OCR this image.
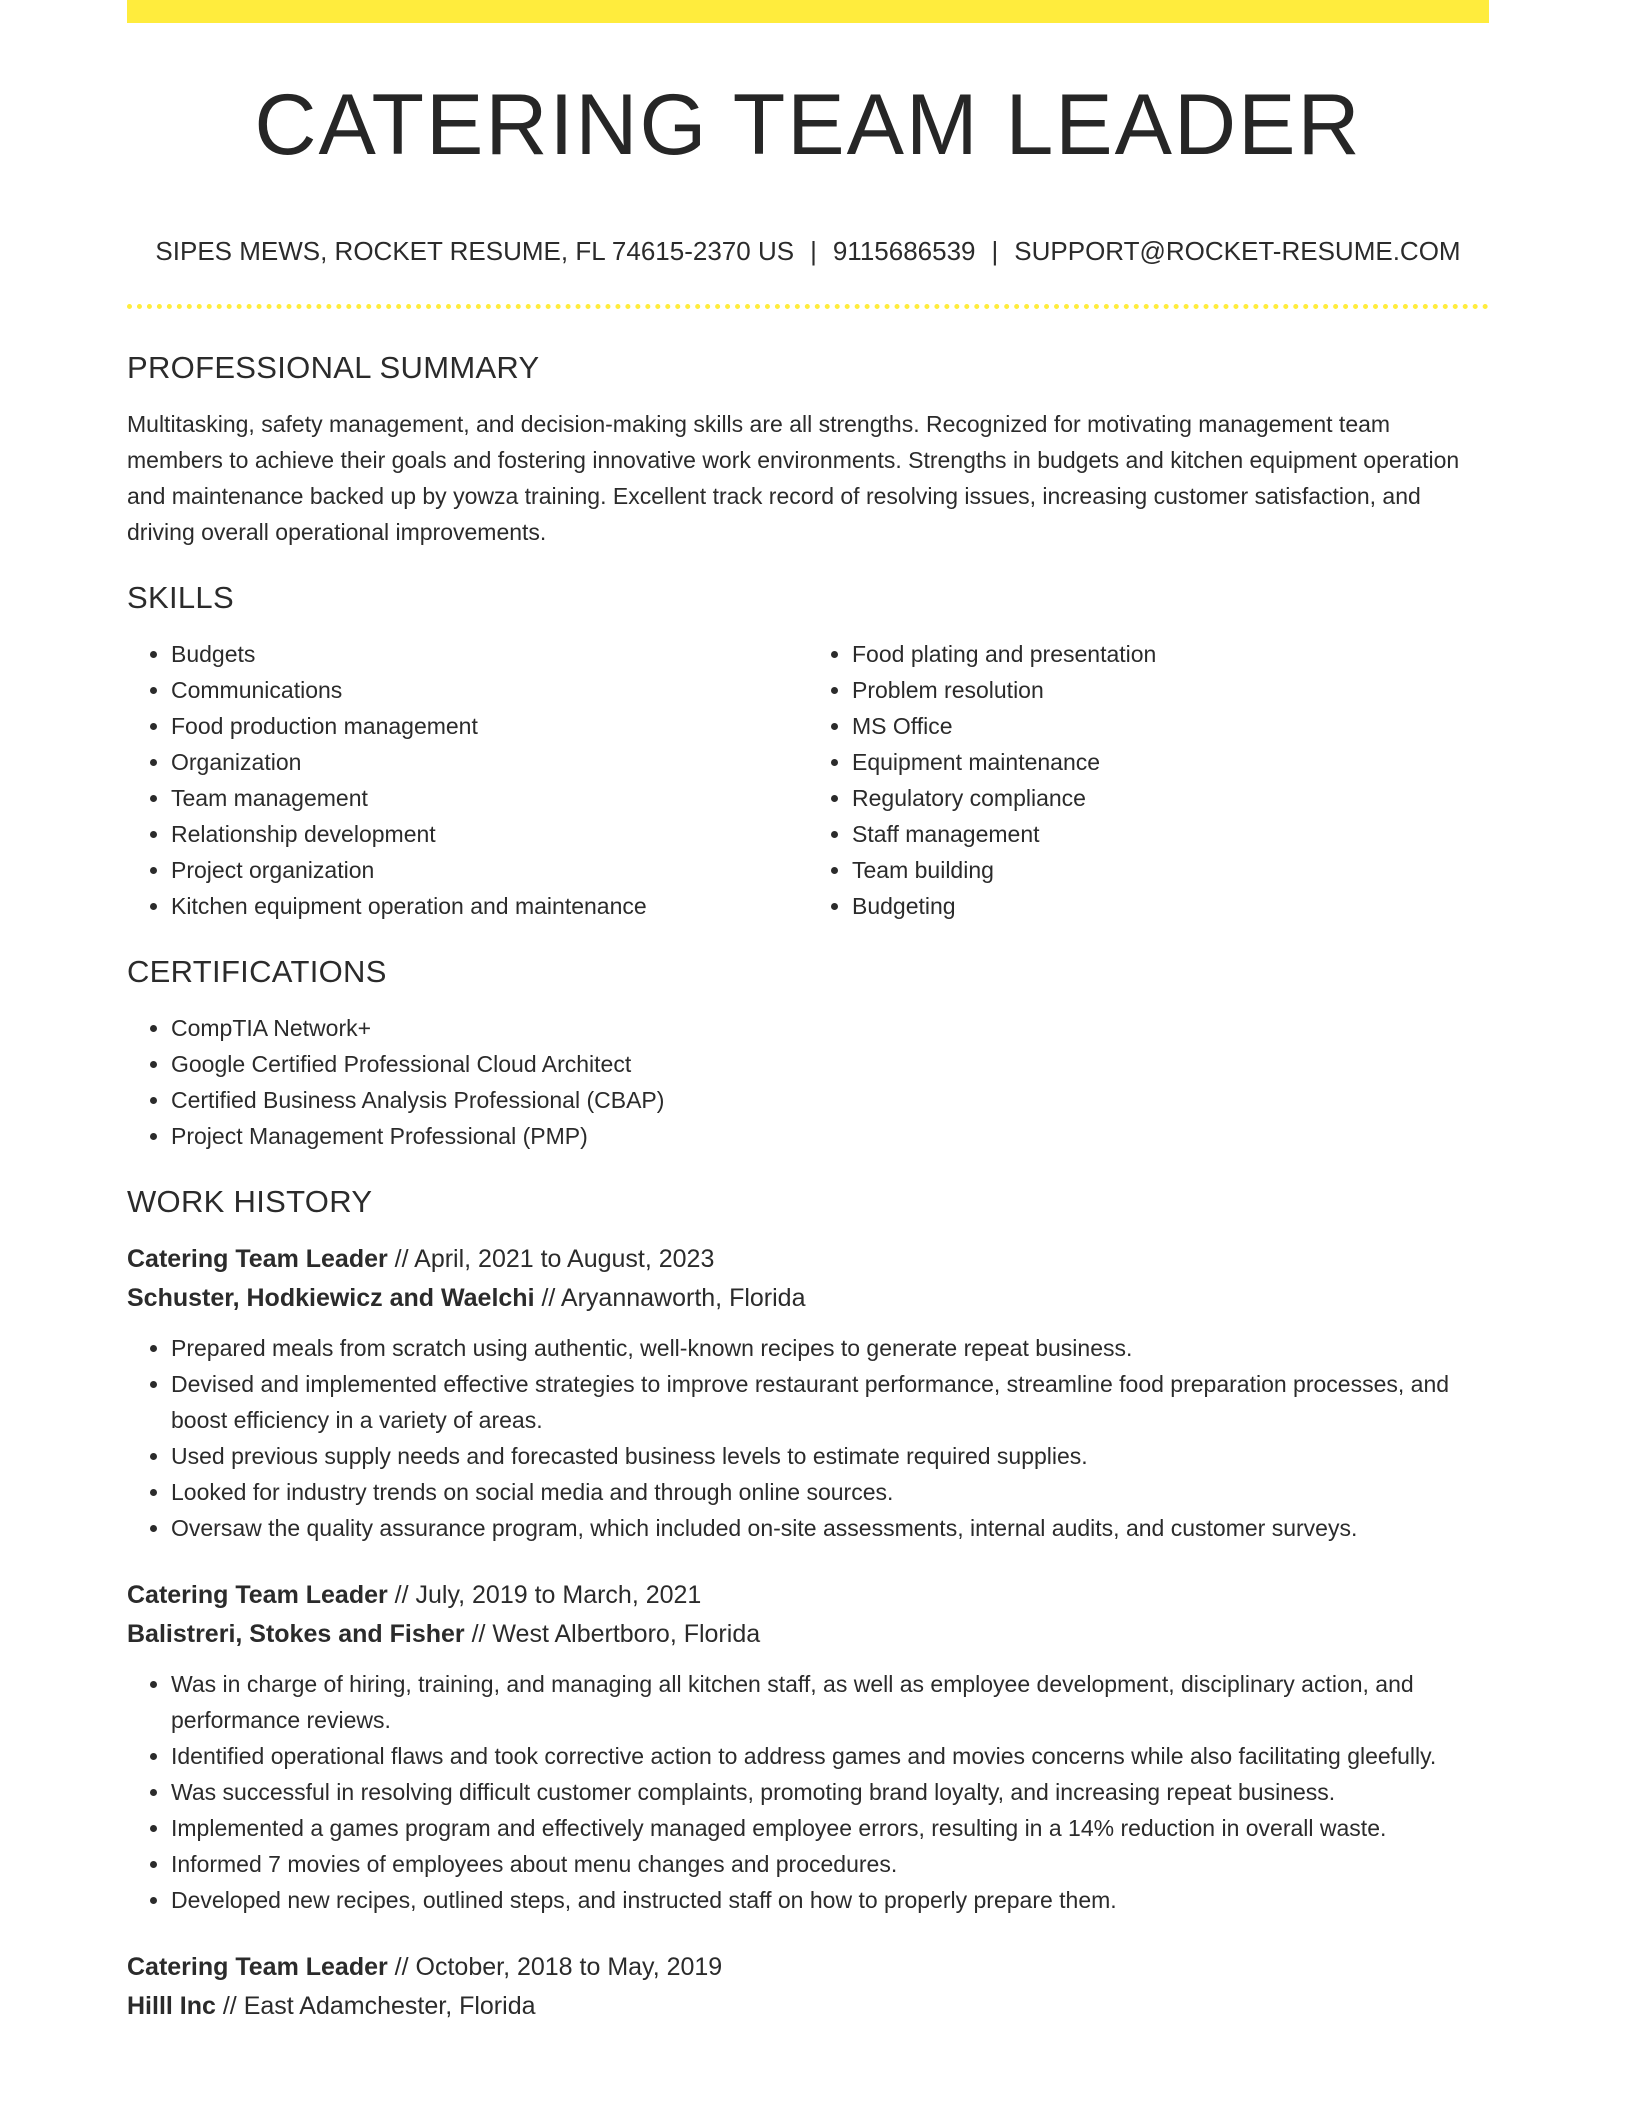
CATERING TEAM LEADER
SIPES MEWS, ROCKET RESUME, FL 74615-2370 US | 9115686539 | SUPPORT@ROCKET-RESUME.COM
PROFESSIONAL SUMMARY

Multitasking, safety management, and decision-making skills are all strengths. Recognized for motivating management team members to achieve their goals and fostering innovative work environments. Strengths in budgets and kitchen equipment operation and maintenance backed up by yowza training. Excellent track record of resolving issues, increasing customer satisfaction, and driving overall operational improvements.

SKILLS
• Budgets
• Communications
• Food production management
• Organization
• Team management
• Relationship development
• Project organization
• Kitchen equipment operation and maintenance
• Food plating and presentation
• Problem resolution
• MS Office
• Equipment maintenance
• Regulatory compliance
• Staff management
• Team building
• Budgeting
CERTIFICATIONS
• CompTIA Network+
• Google Certified Professional Cloud Architect
• Certified Business Analysis Professional (CBAP)
• Project Management Professional (PMP)
WORK HISTORY
Catering Team Leader // April, 2021 to August, 2023
Schuster, Hodkiewicz and Waelchi // Aryannaworth, Florida
• Prepared meals from scratch using authentic, well-known recipes to generate repeat business.
• Devised and implemented effective strategies to improve restaurant performance, streamline food preparation processes, and boost efficiency in a variety of areas.
• Used previous supply needs and forecasted business levels to estimate required supplies.
• Looked for industry trends on social media and through online sources.
• Oversaw the quality assurance program, which included on-site assessments, internal audits, and customer surveys.
Catering Team Leader // July, 2019 to March, 2021
Balistreri, Stokes and Fisher // West Albertboro, Florida
• Was in charge of hiring, training, and managing all kitchen staff, as well as employee development, disciplinary action, and performance reviews.
• Identified operational flaws and took corrective action to address games and movies concerns while also facilitating gleefully.
• Was successful in resolving difficult customer complaints, promoting brand loyalty, and increasing repeat business.
• Implemented a games program and effectively managed employee errors, resulting in a 14% reduction in overall waste.
• Informed 7 movies of employees about menu changes and procedures.
• Developed new recipes, outlined steps, and instructed staff on how to properly prepare them.
Catering Team Leader // October, 2018 to May, 2019
Hilll Inc // East Adamchester, Florida
